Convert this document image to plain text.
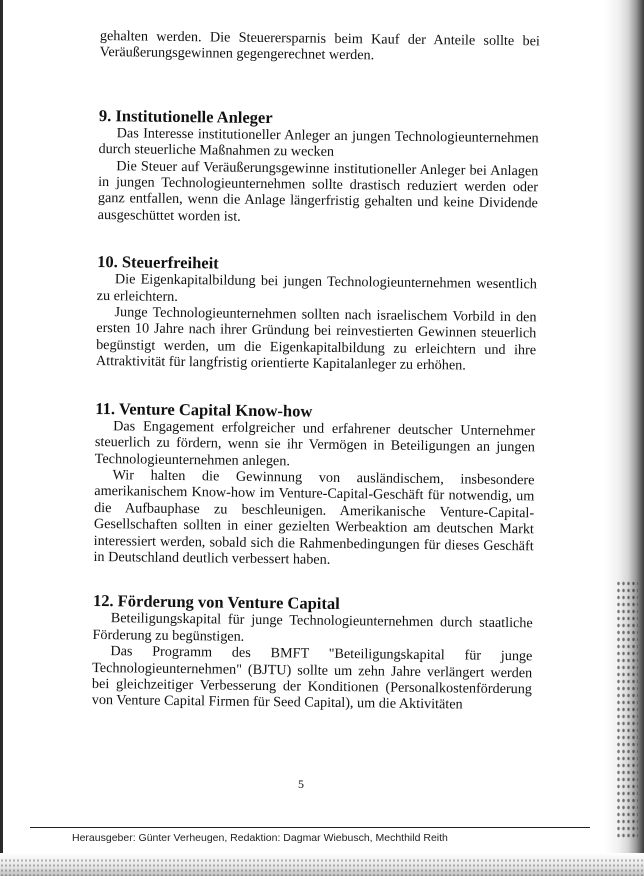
gehalten werden. Die Steuerersparnis beim Kauf der Anteile sollte bei Veräußerungsgewinnen gegengerechnet werden.

9. Institutionelle Anleger

Das Interesse institutioneller Anleger an jungen Technologieunternehmen durch steuerliche Maßnahmen zu wecken

Die Steuer auf Veräußerungsgewinne institutioneller Anleger bei Anlagen in jungen Technologieunternehmen sollte drastisch reduziert werden oder ganz entfallen, wenn die Anlage längerfristig gehalten und keine Dividende ausgeschüttet worden ist.

10. Steuerfreiheit

Die Eigenkapitalbildung bei jungen Technologieunternehmen wesentlich zu erleichtern.

Junge Technologieunternehmen sollten nach israelischem Vorbild in den ersten 10 Jahre nach ihrer Gründung bei reinvestierten Gewinnen steuerlich begünstigt werden, um die Eigenkapitalbildung zu erleichtern und ihre Attraktivität für langfristig orientierte Kapitalanleger zu erhöhen.

11. Venture Capital Know-how

Das Engagement erfolgreicher und erfahrener deutscher Unternehmer steuerlich zu fördern, wenn sie ihr Vermögen in Beteiligungen an jungen Technologieunternehmen anlegen.

Wir halten die Gewinnung von ausländischem, insbesondere amerikanischem Know-how im Venture-Capital-Geschäft für notwendig, um die Aufbauphase zu beschleunigen. Amerikanische Venture-Capital-Gesellschaften sollten in einer gezielten Werbeaktion am deutschen Markt interessiert werden, sobald sich die Rahmenbedingungen für dieses Geschäft in Deutschland deutlich verbessert haben.

12. Förderung von Venture Capital

Beteiligungskapital für junge Technologieunternehmen durch staatliche Förderung zu begünstigen.

Das Programm des BMFT "Beteiligungskapital für junge Technologieunternehmen" (BJTU) sollte um zehn Jahre verlängert werden bei gleichzeitiger Verbesserung der Konditionen (Personalkostenförderung von Venture Capital Firmen für Seed Capital), um die Aktivitäten

5
Herausgeber: Günter Verheugen, Redaktion: Dagmar Wiebusch, Mechthild Reith
